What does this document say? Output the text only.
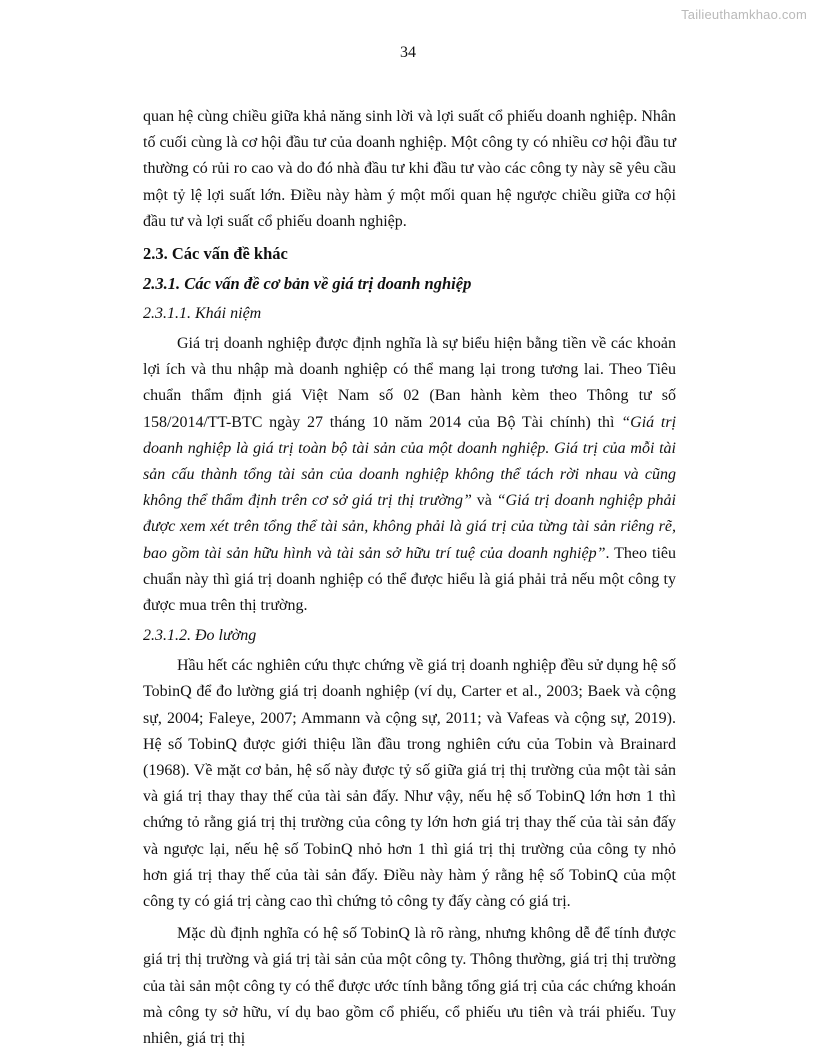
Tailieuthamkhao.com
34

quan hệ cùng chiều giữa khả năng sinh lời và lợi suất cổ phiếu doanh nghiệp. Nhân tố cuối cùng là cơ hội đầu tư của doanh nghiệp. Một công ty có nhiều cơ hội đầu tư thường có rủi ro cao và do đó nhà đầu tư khi đầu tư vào các công ty này sẽ yêu cầu một tỷ lệ lợi suất lớn. Điều này hàm ý một mối quan hệ ngược chiều giữa cơ hội đầu tư và lợi suất cổ phiếu doanh nghiệp.

2.3. Các vấn đề khác

2.3.1. Các vấn đề cơ bản về giá trị doanh nghiệp

2.3.1.1. Khái niệm

Giá trị doanh nghiệp được định nghĩa là sự biểu hiện bằng tiền về các khoản lợi ích và thu nhập mà doanh nghiệp có thể mang lại trong tương lai. Theo Tiêu chuẩn thẩm định giá Việt Nam số 02 (Ban hành kèm theo Thông tư số 158/2014/TT-BTC ngày 27 tháng 10 năm 2014 của Bộ Tài chính) thì “Giá trị doanh nghiệp là giá trị toàn bộ tài sản của một doanh nghiệp. Giá trị của mỗi tài sản cấu thành tổng tài sản của doanh nghiệp không thể tách rời nhau và cũng không thể thẩm định trên cơ sở giá trị thị trường” và “Giá trị doanh nghiệp phải được xem xét trên tổng thể tài sản, không phải là giá trị của từng tài sản riêng rẽ, bao gồm tài sản hữu hình và tài sản sở hữu trí tuệ của doanh nghiệp”. Theo tiêu chuẩn này thì giá trị doanh nghiệp có thể được hiểu là giá phải trả nếu một công ty được mua trên thị trường.

2.3.1.2. Đo lường

Hầu hết các nghiên cứu thực chứng về giá trị doanh nghiệp đều sử dụng hệ số TobinQ để đo lường giá trị doanh nghiệp (ví dụ, Carter et al., 2003; Baek và cộng sự, 2004; Faleye, 2007; Ammann và cộng sự, 2011; và Vafeas và cộng sự, 2019). Hệ số TobinQ được giới thiệu lần đầu trong nghiên cứu của Tobin và Brainard (1968). Về mặt cơ bản, hệ số này được tỷ số giữa giá trị thị trường của một tài sản và giá trị thay thay thế của tài sản đấy. Như vậy, nếu hệ số TobinQ lớn hơn 1 thì chứng tỏ rằng giá trị thị trường của công ty lớn hơn giá trị thay thế của tài sản đấy và ngược lại, nếu hệ số TobinQ nhỏ hơn 1 thì giá trị thị trường của công ty nhỏ hơn giá trị thay thế của tài sản đấy. Điều này hàm ý rằng hệ số TobinQ của một công ty có giá trị càng cao thì chứng tỏ công ty đấy càng có giá trị.

Mặc dù định nghĩa có hệ số TobinQ là rõ ràng, nhưng không dễ để tính được giá trị thị trường và giá trị tài sản của một công ty. Thông thường, giá trị thị trường của tài sản một công ty có thể được ước tính bằng tổng giá trị của các chứng khoán mà công ty sở hữu, ví dụ bao gồm cổ phiếu, cổ phiếu ưu tiên và trái phiếu. Tuy nhiên, giá trị thị
